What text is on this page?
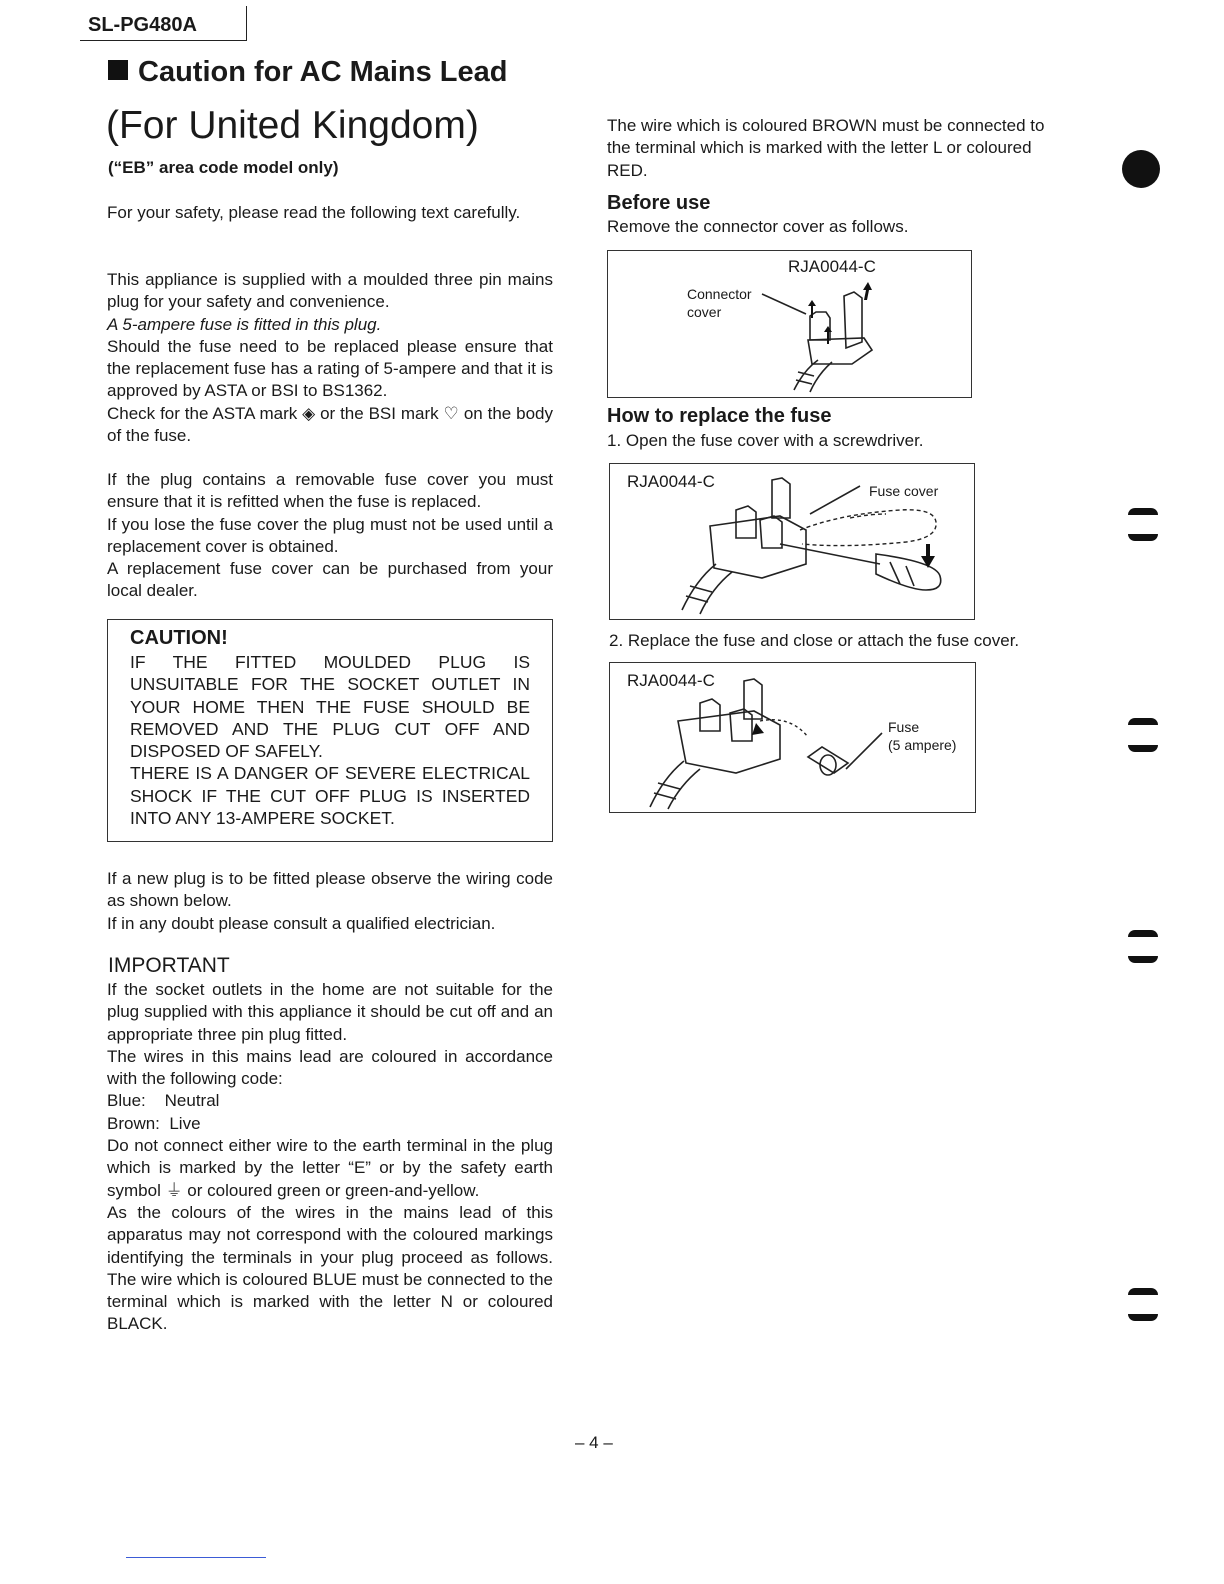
SL-PG480A
Caution for AC Mains Lead
(For United Kingdom)
(“EB” area code model only)

For your safety, please read the following text carefully.

This appliance is supplied with a moulded three pin mains plug for your safety and convenience.

A 5-ampere fuse is fitted in this plug.

Should the fuse need to be replaced please ensure that the replacement fuse has a rating of 5-ampere and that it is approved by ASTA or BSI to BS1362.

Check for the ASTA mark ◈ or the BSI mark ♡ on the body of the fuse.

If the plug contains a removable fuse cover you must ensure that it is refitted when the fuse is replaced.

If you lose the fuse cover the plug must not be used until a replacement cover is obtained.

A replacement fuse cover can be purchased from your local dealer.

CAUTION!
IF THE FITTED MOULDED PLUG IS UNSUITABLE FOR THE SOCKET OUTLET IN YOUR HOME THEN THE FUSE SHOULD BE REMOVED AND THE PLUG CUT OFF AND DISPOSED OF SAFELY.
THERE IS A DANGER OF SEVERE ELECTRICAL SHOCK IF THE CUT OFF PLUG IS INSERTED INTO ANY 13-AMPERE SOCKET.

If a new plug is to be fitted please observe the wiring code as shown below.

If in any doubt please consult a qualified electrician.

IMPORTANT

If the socket outlets in the home are not suitable for the plug supplied with this appliance it should be cut off and an appropriate three pin plug fitted.

The wires in this mains lead are coloured in accordance with the following code:

Blue:    Neutral

Brown:  Live

Do not connect either wire to the earth terminal in the plug which is marked by the letter “E” or by the safety earth symbol ⏚ or coloured green or green-and-yellow.

As the colours of the wires in the mains lead of this apparatus may not correspond with the coloured markings identifying the terminals in your plug proceed as follows. The wire which is coloured BLUE must be connected to the terminal which is marked with the letter N or coloured BLACK.

The wire which is coloured BROWN must be connected to the terminal which is marked with the letter L or coloured RED.

Before use
Remove the connector cover as follows.
RJA0044-C
Connector
cover
How to replace the fuse
1. Open the fuse cover with a screwdriver.
RJA0044-C	Fuse cover
2. Replace the fuse and close or attach the fuse cover.
RJA0044-C
Fuse
(5 ampere)
– 4 –
